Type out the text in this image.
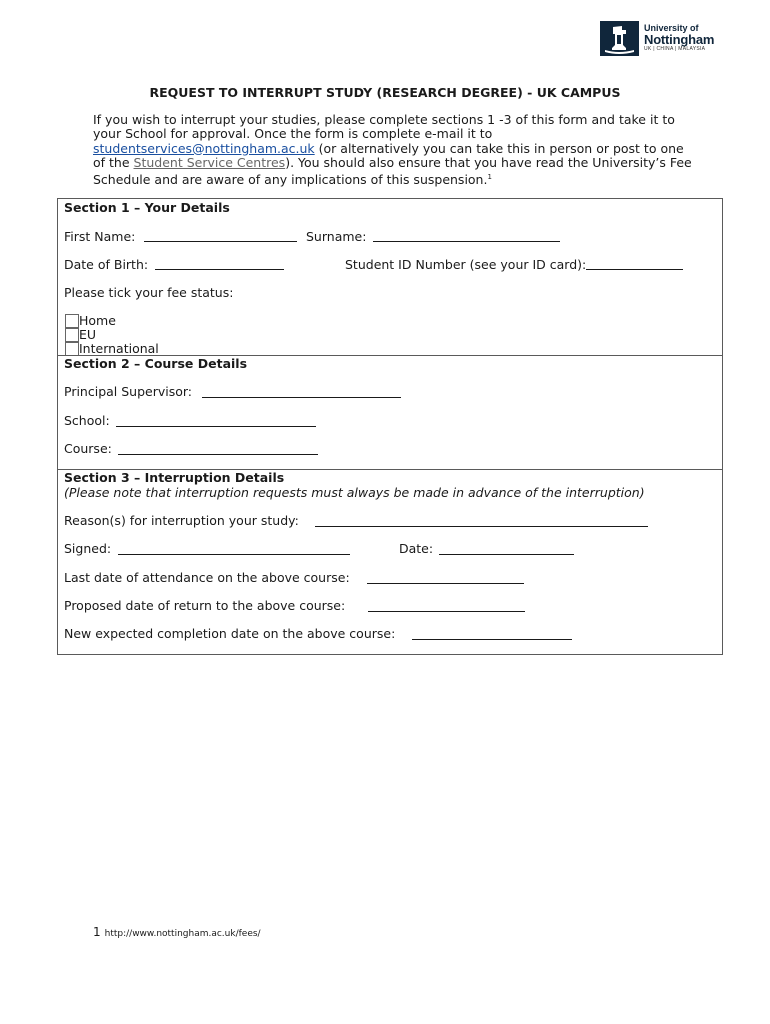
University of
Nottingham
UK | CHINA | MALAYSIA
REQUEST TO INTERRUPT STUDY (RESEARCH DEGREE) - UK CAMPUS
If you wish to interrupt your studies, please complete sections 1 -3 of this form and take it to your School for approval. Once the form is complete e-mail it to studentservices@nottingham.ac.uk (or alternatively you can take this in person or post to one of the Student Service Centres). You should also ensure that you have read the University’s Fee Schedule and are aware of any implications of this suspension.$^1$
Section 1 – Your Details
First Name:	Surname:
Date of Birth:	Student ID Number (see your ID card):
Please tick your fee status:
Home
EU
International
Section 2 – Course Details
Principal Supervisor:
School:
Course:
Section 3 – Interruption Details
(Please note that interruption requests must always be made in advance of the interruption)
Reason(s) for interruption your study:
Signed:	Date:
Last date of attendance on the above course:
Proposed date of return to the above course:
New expected completion date on the above course:
1 http://www.nottingham.ac.uk/fees/
